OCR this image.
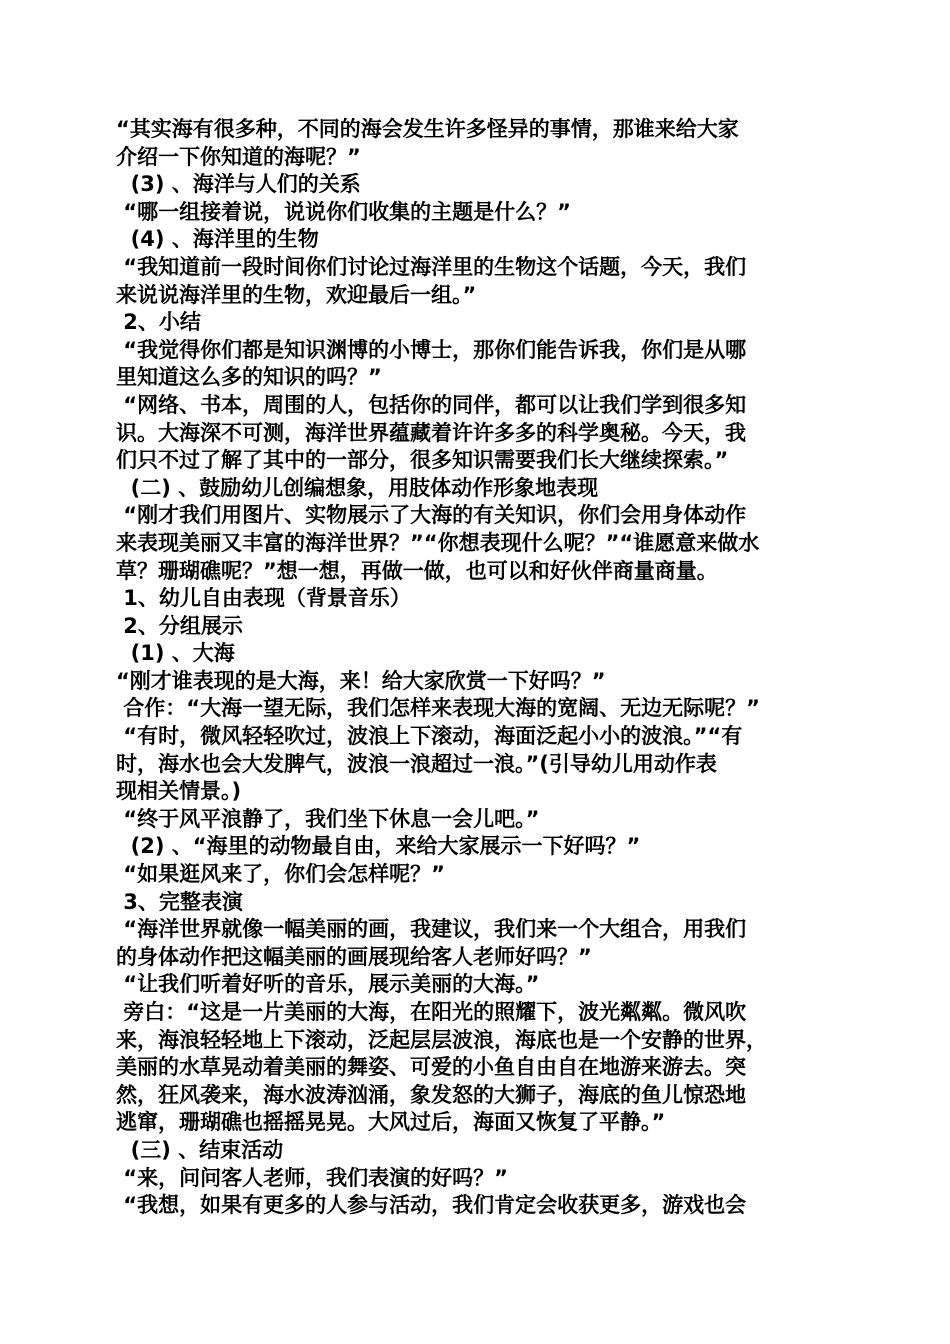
“其实海有很多种，不同的海会发生许多怪异的事情，那谁来给大家
介绍一下你知道的海呢？”
(3) 、海洋与人们的关系
“哪一组接着说，说说你们收集的主题是什么？”
(4) 、海洋里的生物
“我知道前一段时间你们讨论过海洋里的生物这个话题，今天，我们
来说说海洋里的生物，欢迎最后一组。”
2、小结
“我觉得你们都是知识渊博的小博士，那你们能告诉我，你们是从哪
里知道这么多的知识的吗？”
“网络、书本，周围的人，包括你的同伴，都可以让我们学到很多知
识。大海深不可测，海洋世界蕴藏着许许多多的科学奥秘。今天，我
们只不过了解了其中的一部分，很多知识需要我们长大继续探索。”
(二) 、鼓励幼儿创编想象，用肢体动作形象地表现
“刚才我们用图片、实物展示了大海的有关知识，你们会用身体动作
来表现美丽又丰富的海洋世界？”“你想表现什么呢？”“谁愿意来做水
草？珊瑚礁呢？”想一想，再做一做，也可以和好伙伴商量商量。
1、幼儿自由表现（背景音乐）
2、分组展示
(1) 、大海
“刚才谁表现的是大海，来！给大家欣赏一下好吗？”
合作：“大海一望无际，我们怎样来表现大海的宽阔、无边无际呢？”
“有时，微风轻轻吹过，波浪上下滚动，海面泛起小小的波浪。”“有
时，海水也会大发脾气，波浪一浪超过一浪。”(引导幼儿用动作表
现相关情景。)
“终于风平浪静了，我们坐下休息一会儿吧。”
(2) 、“海里的动物最自由，来给大家展示一下好吗？”
“如果逛风来了，你们会怎样呢？”
3、完整表演
“海洋世界就像一幅美丽的画，我建议，我们来一个大组合，用我们
的身体动作把这幅美丽的画展现给客人老师好吗？”
“让我们听着好听的音乐，展示美丽的大海。”
旁白：“这是一片美丽的大海，在阳光的照耀下，波光粼粼。微风吹
来，海浪轻轻地上下滚动，泛起层层波浪，海底也是一个安静的世界，
美丽的水草晃动着美丽的舞姿、可爱的小鱼自由自在地游来游去。突
然，狂风袭来，海水波涛汹涌，象发怒的大狮子，海底的鱼儿惊恐地
逃窜，珊瑚礁也摇摇晃晃。大风过后，海面又恢复了平静。”
(三) 、结束活动
“来，问问客人老师，我们表演的好吗？”
“我想，如果有更多的人参与活动，我们肯定会收获更多，游戏也会
